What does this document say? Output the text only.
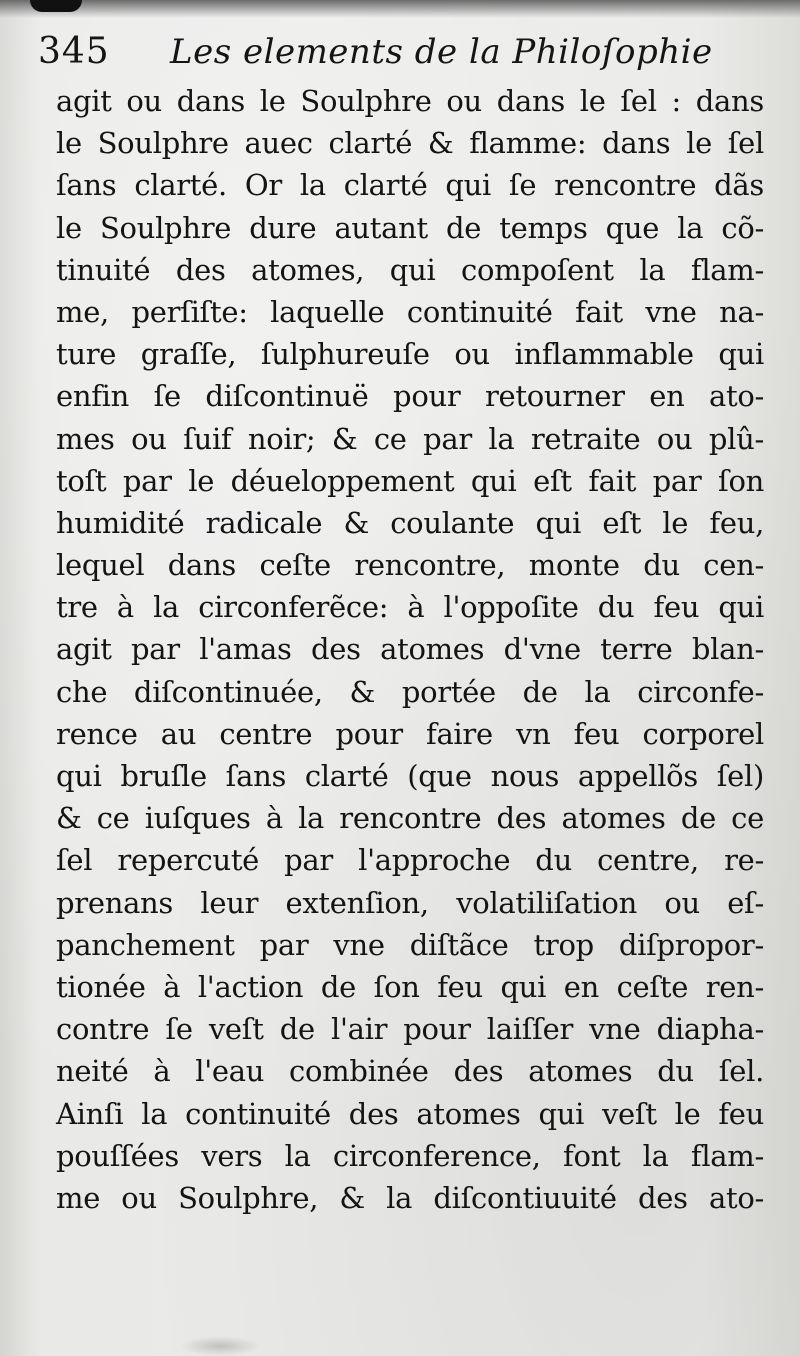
345 Les elements de la Philoſophie
agit ou dans le Soulphre ou dans le ſel : dans
le Soulphre auec clarté & flamme: dans le ſel
ſans clarté. Or la clarté qui ſe rencontre dãs
le Soulphre dure autant de temps que la cõ-
tinuité des atomes, qui compoſent la flam-
me, perſiſte: laquelle continuité fait vne na-
ture graſſe, ſulphureuſe ou inflammable qui
enfin ſe diſcontinuë pour retourner en ato-
mes ou ſuif noir; & ce par la retraite ou plû-
toſt par le déueloppement qui eſt fait par ſon
humidité radicale & coulante qui eſt le feu,
lequel dans ceſte rencontre, monte du cen-
tre à la circonferẽce: à l'oppoſite du feu qui
agit par l'amas des atomes d'vne terre blan-
che diſcontinuée, & portée de la circonfe-
rence au centre pour faire vn feu corporel
qui bruſle ſans clarté (que nous appellõs ſel)
& ce iuſques à la rencontre des atomes de ce
ſel repercuté par l'approche du centre, re-
prenans leur extenſion, volatiliſation ou eſ-
panchement par vne diſtãce trop diſpropor-
tionée à l'action de ſon feu qui en ceſte ren-
contre ſe veſt de l'air pour laiſſer vne diapha-
neité à l'eau combinée des atomes du ſel.
Ainſi la continuité des atomes qui veſt le feu
pouſſées vers la circonference, font la flam-
me ou Soulphre, & la diſcontiuuité des ato-
